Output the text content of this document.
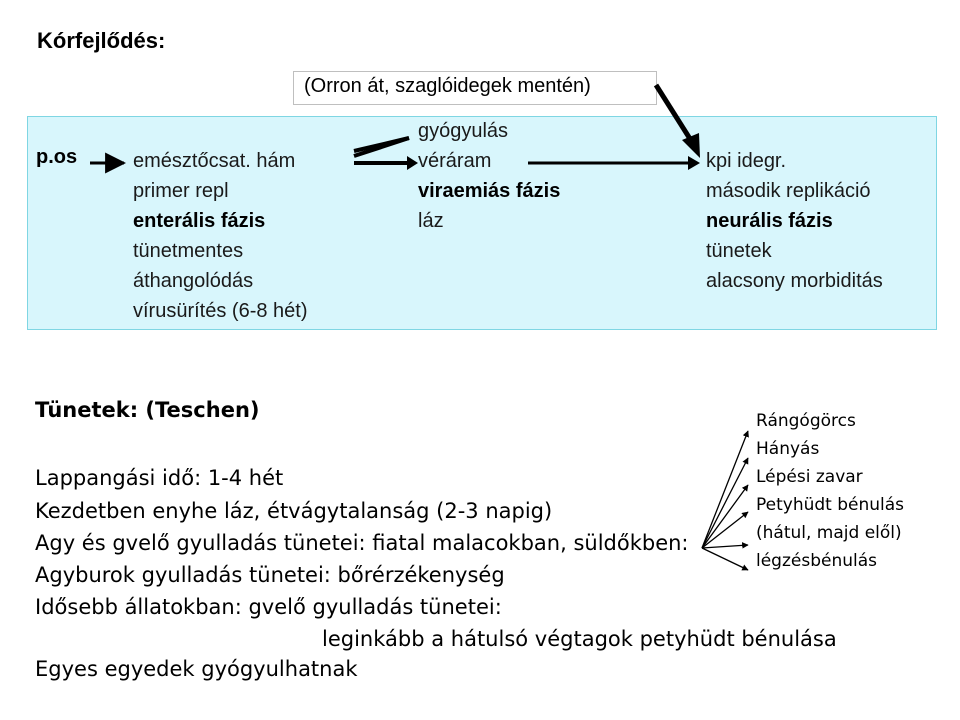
Kórfejlődés:
(Orron át, szaglóidegek mentén)
p.os	emésztőcsat. hám
primer repl
enterális fázis
tünetmentes
áthangolódás
vírusürítés (6-8 hét)
gyógyulás
véráram
viraemiás fázis
láz
kpi idegr.
második replikáció
neurális fázis
tünetek
alacsony morbiditás
Tünetek: (Teschen)
Lappangási idő: 1-4 hét
Kezdetben enyhe láz, étvágytalanság (2-3 napig)
Agy és gvelő gyulladás tünetei: fiatal malacokban, süldőkben:
Agyburok gyulladás tünetei: bőrérzékenység
Idősebb állatokban: gvelő gyulladás tünetei:
leginkább a hátulsó végtagok petyhüdt bénulása
Egyes egyedek gyógyulhatnak
Rángógörcs
Hányás
Lépési zavar
Petyhüdt bénulás
(hátul, majd elől)
légzésbénulás
